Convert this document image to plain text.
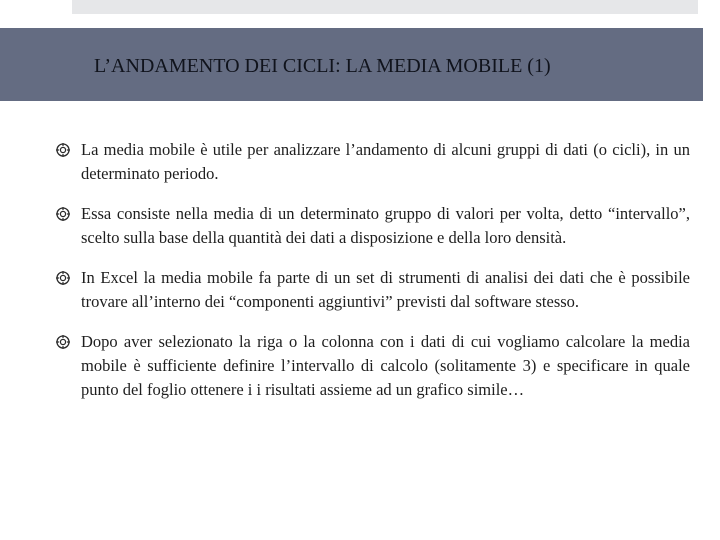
L’ANDAMENTO DEI CICLI: LA MEDIA MOBILE (1)
La media mobile è utile per analizzare l’andamento di alcuni gruppi di dati (o cicli), in un determinato periodo.
Essa consiste nella media di un determinato gruppo di valori per volta, detto “intervallo”, scelto sulla base della quantità dei dati a disposizione e della loro densità.
In Excel la media mobile fa parte di un set di strumenti di analisi dei dati che è possibile trovare all’interno dei “componenti aggiuntivi” previsti dal software stesso.
Dopo aver selezionato la riga o la colonna con i dati di cui vogliamo calcolare la media mobile è sufficiente definire l’intervallo di calcolo (solitamente 3) e specificare in quale punto del foglio ottenere i i risultati assieme ad un grafico simile…
